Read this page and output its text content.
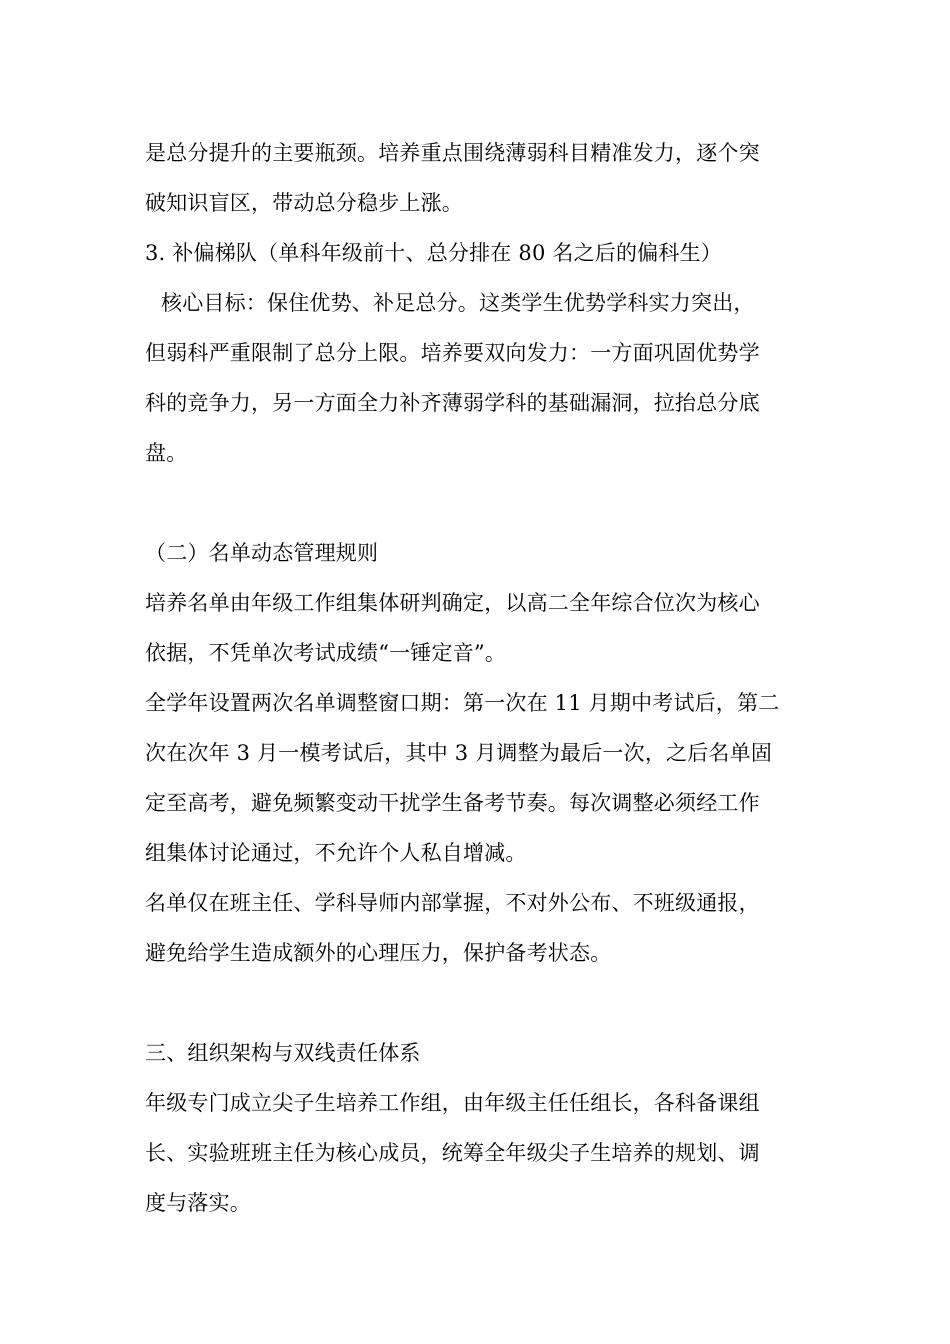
是总分提升的主要瓶颈。培养重点围绕薄弱科目精准发力，逐个突
破知识盲区，带动总分稳步上涨。
3. 补偏梯队（单科年级前十、总分排在 80 名之后的偏科生）
核心目标：保住优势、补足总分。这类学生优势学科实力突出，
但弱科严重限制了总分上限。培养要双向发力：一方面巩固优势学
科的竞争力，另一方面全力补齐薄弱学科的基础漏洞，拉抬总分底
盘。
（二）名单动态管理规则
培养名单由年级工作组集体研判确定，以高二全年综合位次为核心
依据，不凭单次考试成绩“一锤定音”。
全学年设置两次名单调整窗口期：第一次在 11 月期中考试后，第二
次在次年 3 月一模考试后，其中 3 月调整为最后一次，之后名单固
定至高考，避免频繁变动干扰学生备考节奏。每次调整必须经工作
组集体讨论通过，不允许个人私自增减。
名单仅在班主任、学科导师内部掌握，不对外公布、不班级通报，
避免给学生造成额外的心理压力，保护备考状态。
三、组织架构与双线责任体系
年级专门成立尖子生培养工作组，由年级主任任组长，各科备课组
长、实验班班主任为核心成员，统筹全年级尖子生培养的规划、调
度与落实。
